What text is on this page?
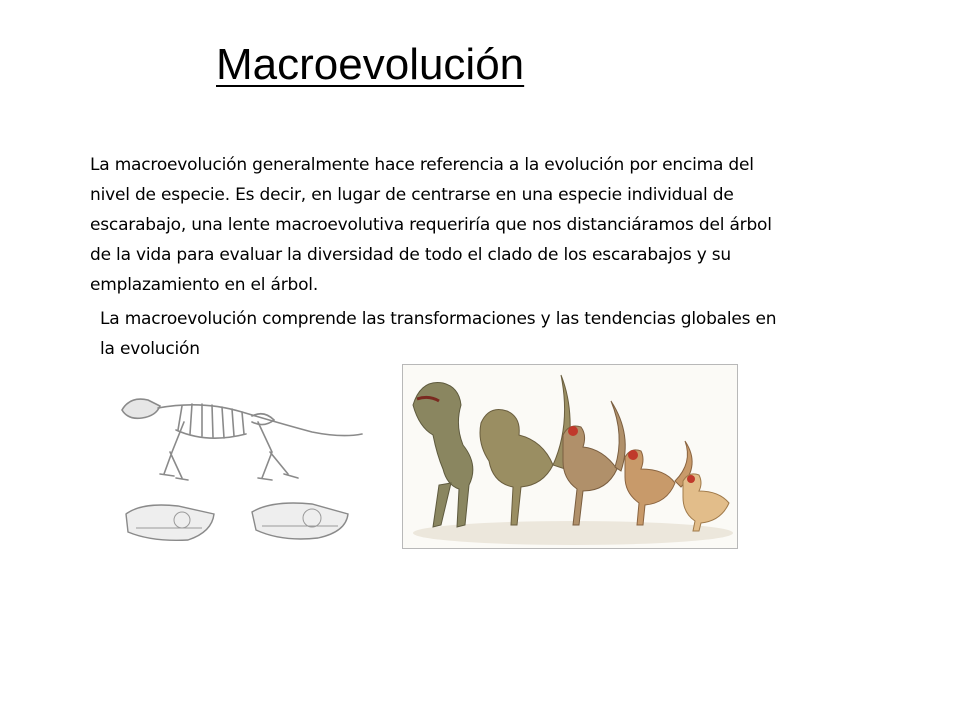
Macroevolución

La macroevolución generalmente hace referencia a la evolución por encima del nivel de especie. Es decir, en lugar de centrarse en una especie individual de escarabajo, una lente macroevolutiva requeriría que nos distanciáramos del árbol de la vida para evaluar la diversidad de todo el clado de los escarabajos y su emplazamiento en el árbol.

La macroevolución comprende las transformaciones y las tendencias globales en la evolución
